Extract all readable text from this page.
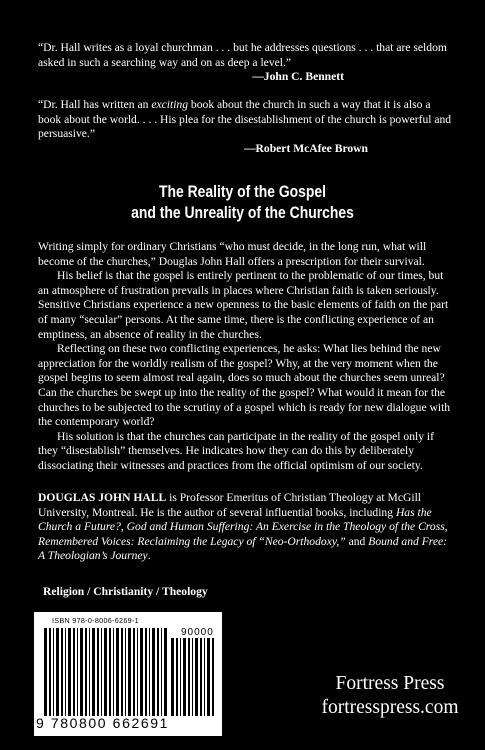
“Dr. Hall writes as a loyal churchman . . . but he addresses questions . . . that are seldom asked in such a searching way and on as deep a level.”
—John C. Bennett
“Dr. Hall has written an exciting book about the church in such a way that it is also a book about the world. . . . His plea for the disestablishment of the church is powerful and persuasive.”
—Robert McAfee Brown
The Reality of the Gospel
and the Unreality of the Churches

Writing simply for ordinary Christians “who must decide, in the long run, what will become of the churches,” Douglas John Hall offers a prescription for their survival.

His belief is that the gospel is entirely pertinent to the problematic of our times, but an atmosphere of frustration prevails in places where Christian faith is taken seriously. Sensitive Christians experience a new openness to the basic elements of faith on the part of many “secular” persons. At the same time, there is the conflicting experience of an emptiness, an absence of reality in the churches.

Reflecting on these two conflicting experiences, he asks: What lies behind the new appreciation for the worldly realism of the gospel? Why, at the very moment when the gospel begins to seem almost real again, does so much about the churches seem unreal? Can the churches be swept up into the reality of the gospel? What would it mean for the churches to be subjected to the scrutiny of a gospel which is ready for new dialogue with the contemporary world?

His solution is that the churches can participate in the reality of the gospel only if they “disestablish” themselves. He indicates how they can do this by deliberately dissociating their witnesses and practices from the official optimism of our society.

DOUGLAS JOHN HALL is Professor Emeritus of Christian Theology at McGill University, Montreal. He is the author of several influential books, including Has the Church a Future?, God and Human Suffering: An Exercise in the Theology of the Cross, Remembered Voices: Reclaiming the Legacy of “Neo-Orthodoxy,” and Bound and Free: A Theologian’s Journey.
Religion / Christianity / Theology
ISBN 978-0-8006-6269-1
90000
9 780800 662691
Fortress Press
fortresspress.com
